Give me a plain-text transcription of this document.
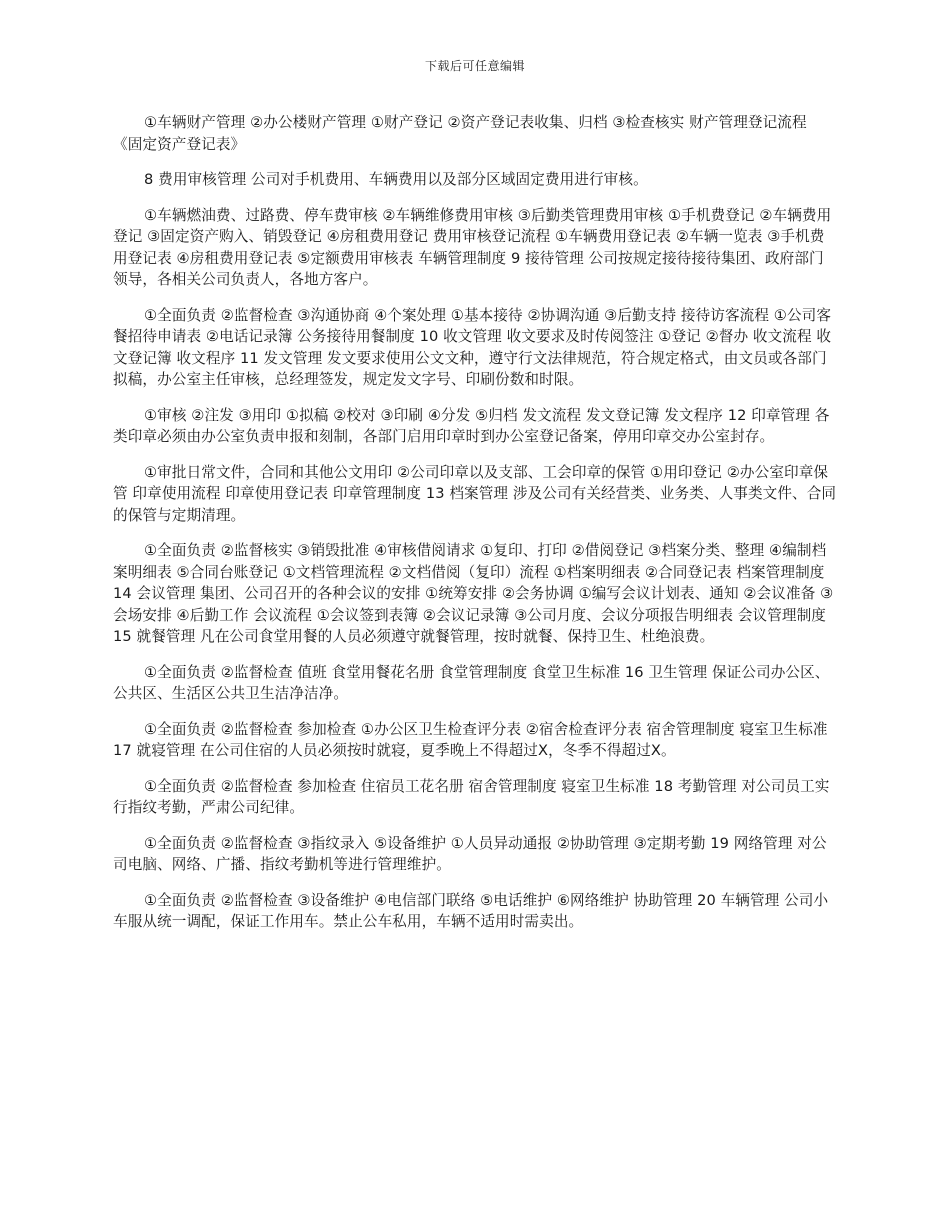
下载后可任意编辑

①车辆财产管理 ②办公楼财产管理 ①财产登记 ②资产登记表收集、归档 ③检查核实 财产管理登记流程 《固定资产登记表》

8 费用审核管理 公司对手机费用、车辆费用以及部分区域固定费用进行审核。

①车辆燃油费、过路费、停车费审核 ②车辆维修费用审核 ③后勤类管理费用审核 ①手机费登记 ②车辆费用登记 ③固定资产购入、销毁登记 ④房租费用登记 费用审核登记流程 ①车辆费用登记表 ②车辆一览表 ③手机费用登记表 ④房租费用登记表 ⑤定额费用审核表 车辆管理制度 9 接待管理 公司按规定接待接待集团、政府部门领导，各相关公司负责人，各地方客户。

①全面负责 ②监督检查 ③沟通协商 ④个案处理 ①基本接待 ②协调沟通 ③后勤支持 接待访客流程 ①公司客餐招待申请表 ②电话记录簿 公务接待用餐制度 10 收文管理 收文要求及时传阅签注 ①登记 ②督办 收文流程 收文登记簿 收文程序 11 发文管理 发文要求使用公文文种，遵守行文法律规范，符合规定格式，由文员或各部门拟稿，办公室主任审核，总经理签发，规定发文字号、印刷份数和时限。

①审核 ②注发 ③用印 ①拟稿 ②校对 ③印刷 ④分发 ⑤归档 发文流程 发文登记簿 发文程序 12 印章管理 各类印章必须由办公室负责申报和刻制，各部门启用印章时到办公室登记备案，停用印章交办公室封存。

①审批日常文件，合同和其他公文用印 ②公司印章以及支部、工会印章的保管 ①用印登记 ②办公室印章保管 印章使用流程 印章使用登记表 印章管理制度 13 档案管理 涉及公司有关经营类、业务类、人事类文件、合同的保管与定期清理。

①全面负责 ②监督核实 ③销毁批准 ④审核借阅请求 ①复印、打印 ②借阅登记 ③档案分类、整理 ④编制档案明细表 ⑤合同台账登记 ①文档管理流程 ②文档借阅（复印）流程 ①档案明细表 ②合同登记表 档案管理制度 14 会议管理 集团、公司召开的各种会议的安排 ①统筹安排 ②会务协调 ①编写会议计划表、通知 ②会议准备 ③会场安排 ④后勤工作 会议流程 ①会议签到表簿 ②会议记录簿 ③公司月度、会议分项报告明细表 会议管理制度 15 就餐管理 凡在公司食堂用餐的人员必须遵守就餐管理，按时就餐、保持卫生、杜绝浪费。

①全面负责 ②监督检查 值班 食堂用餐花名册 食堂管理制度 食堂卫生标准 16 卫生管理 保证公司办公区、公共区、生活区公共卫生洁净洁净。

①全面负责 ②监督检查 参加检查 ①办公区卫生检查评分表 ②宿舍检查评分表 宿舍管理制度 寝室卫生标准 17 就寝管理 在公司住宿的人员必须按时就寝，夏季晚上不得超过X，冬季不得超过X。

①全面负责 ②监督检查 参加检查 住宿员工花名册 宿舍管理制度 寝室卫生标准 18 考勤管理 对公司员工实行指纹考勤，严肃公司纪律。

①全面负责 ②监督检查 ③指纹录入 ⑤设备维护 ①人员异动通报 ②协助管理 ③定期考勤 19 网络管理 对公司电脑、网络、广播、指纹考勤机等进行管理维护。

①全面负责 ②监督检查 ③设备维护 ④电信部门联络 ⑤电话维护 ⑥网络维护 协助管理 20 车辆管理 公司小车服从统一调配，保证工作用车。禁止公车私用，车辆不适用时需卖出。
